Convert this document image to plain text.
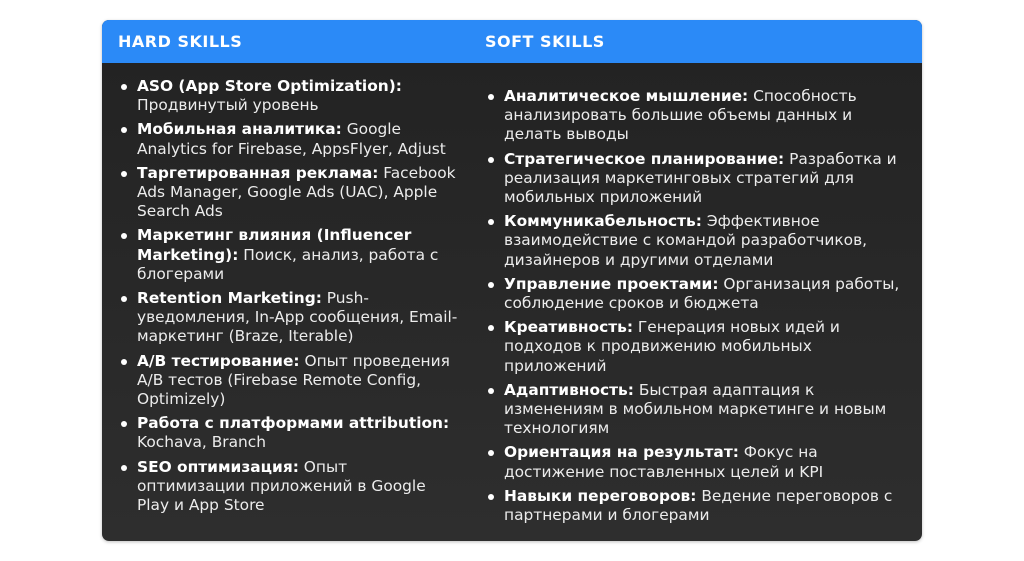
HARD SKILLS	SOFT SKILLS
ASO (App Store Optimization): Продвинутый уровень
Мобильная аналитика: Google Analytics for Firebase, AppsFlyer, Adjust
Таргетированная реклама: Facebook Ads Manager, Google Ads (UAC), Apple Search Ads
Маркетинг влияния (Influencer Marketing): Поиск, анализ, работа с блогерами
Retention Marketing: Push-уведомления, In-App сообщения, Email-маркетинг (Braze, Iterable)
A/B тестирование: Опыт проведения A/B тестов (Firebase Remote Config, Optimizely)
Работа с платформами attribution: Kochava, Branch
SEO оптимизация: Опыт оптимизации приложений в Google Play и App Store
Аналитическое мышление: Способность анализировать большие объемы данных и делать выводы
Стратегическое планирование: Разработка и реализация маркетинговых стратегий для мобильных приложений
Коммуникабельность: Эффективное взаимодействие с командой разработчиков, дизайнеров и другими отделами
Управление проектами: Организация работы, соблюдение сроков и бюджета
Креативность: Генерация новых идей и подходов к продвижению мобильных приложений
Адаптивность: Быстрая адаптация к изменениям в мобильном маркетинге и новым технологиям
Ориентация на результат: Фокус на достижение поставленных целей и KPI
Навыки переговоров: Ведение переговоров с партнерами и блогерами
